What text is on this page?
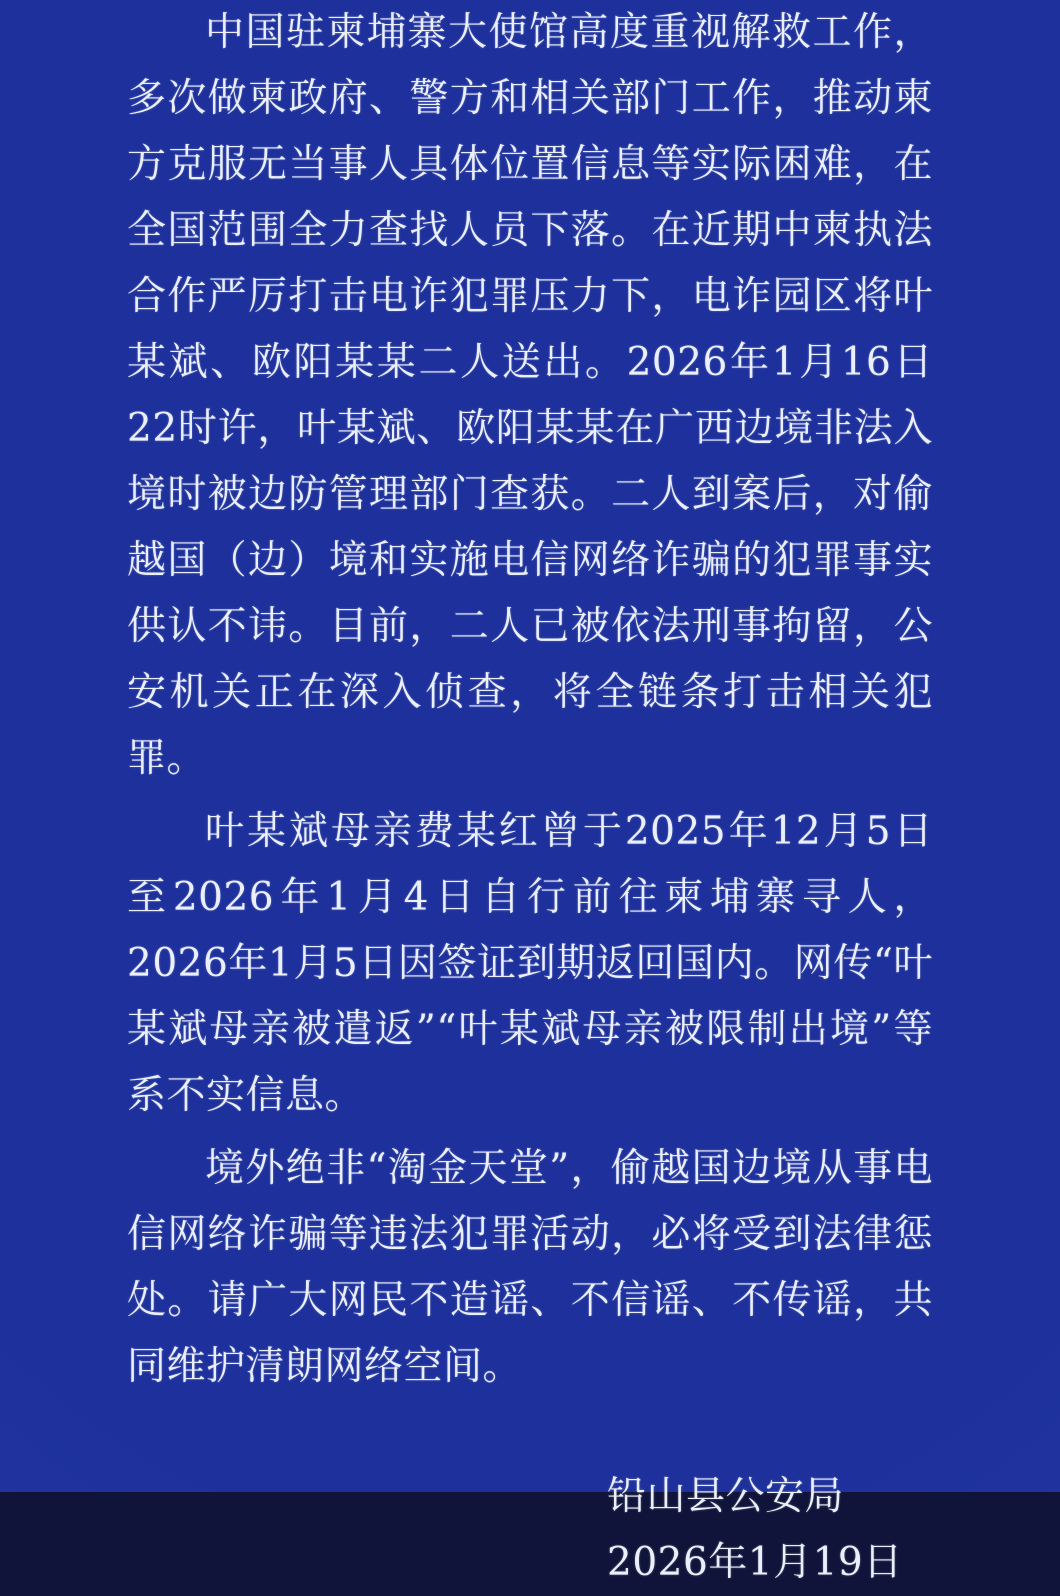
中国驻柬埔寨大使馆高度重视解救工作，多次做柬政府、警方和相关部门工作，推动柬方克服无当事人具体位置信息等实际困难，在全国范围全力查找人员下落。在近期中柬执法合作严厉打击电诈犯罪压力下，电诈园区将叶某斌、欧阳某某二人送出。2026年1月16日22时许，叶某斌、欧阳某某在广西边境非法入境时被边防管理部门查获。二人到案后，对偷越国（边）境和实施电信网络诈骗的犯罪事实供认不讳。目前，二人已被依法刑事拘留，公安机关正在深入侦查，将全链条打击相关犯罪。

叶某斌母亲费某红曾于2025年12月5日至2026年1月4日自行前往柬埔寨寻人，2026年1月5日因签证到期返回国内。网传“叶某斌母亲被遣返”“叶某斌母亲被限制出境”等系不实信息。

境外绝非“淘金天堂”，偷越国边境从事电信网络诈骗等违法犯罪活动，必将受到法律惩处。请广大网民不造谣、不信谣、不传谣，共同维护清朗网络空间。

铅山县公安局
2026年1月19日
